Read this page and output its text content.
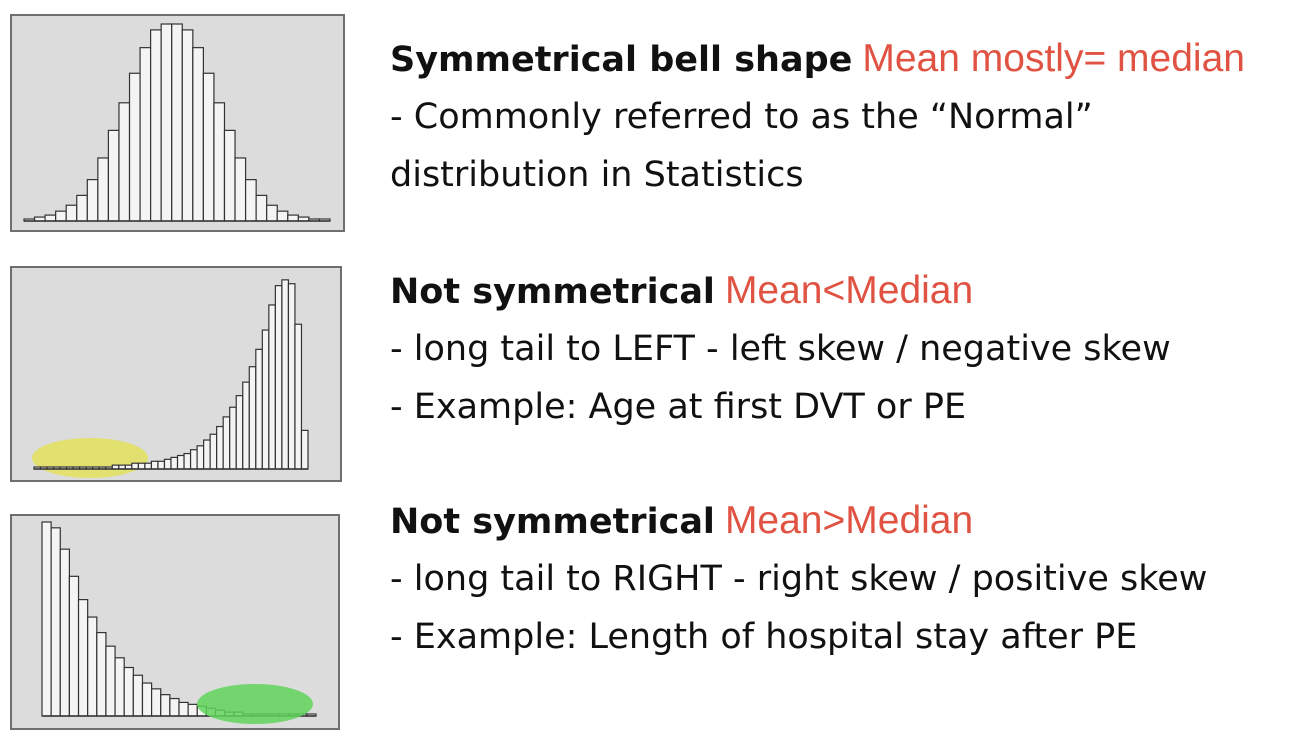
Symmetrical bell shape Mean mostly= median
- Commonly referred to as the “Normal”
distribution in Statistics
Not symmetrical Mean<Median
- long tail to LEFT - left skew / negative skew
- Example: Age at first DVT or PE
Not symmetrical Mean>Median
- long tail to RIGHT - right skew / positive skew
- Example: Length of hospital stay after PE
